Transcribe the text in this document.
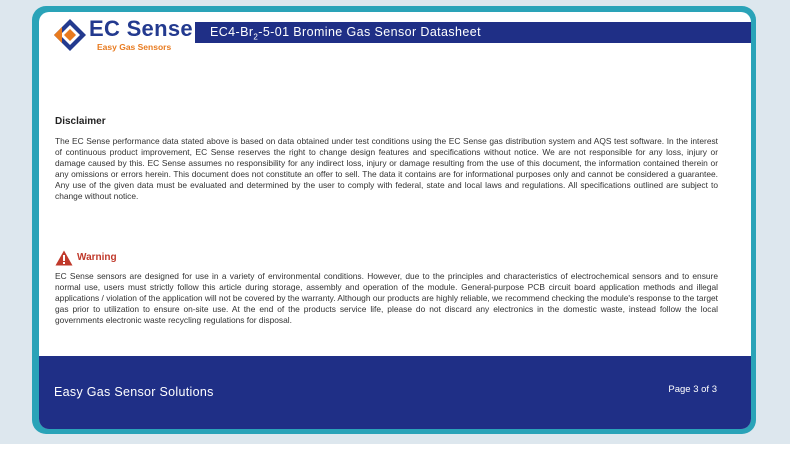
EC Sense
Easy Gas Sensors
$EC4-Br_2-5-01$ Bromine Gas Sensor Datasheet
Disclaimer
The EC Sense performance data stated above is based on data obtained under test conditions using the EC Sense gas distribution system and AQS test software. In the interest of continuous product improvement, EC Sense reserves the right to change design features and specifications without notice. We are not responsible for any loss, injury or damage caused by this. EC Sense assumes no responsibility for any indirect loss, injury or damage resulting from the use of this document, the information contained therein or any omissions or errors herein. This document does not constitute an offer to sell. The data it contains are for informational purposes only and cannot be considered a guarantee. Any use of the given data must be evaluated and determined by the user to comply with federal, state and local laws and regulations. All specifications outlined are subject to change without notice.
Warning
EC Sense sensors are designed for use in a variety of environmental conditions. However, due to the principles and characteristics of electrochemical sensors and to ensure normal use, users must strictly follow this article during storage, assembly and operation of the module. General-purpose PCB circuit board application methods and illegal applications / violation of the application will not be covered by the warranty. Although our products are highly reliable, we recommend checking the module's response to the target gas prior to utilization to ensure on-site use. At the end of the products service life, please do not discard any electronics in the domestic waste, instead follow the local governments electronic waste recycling regulations for disposal.
Easy Gas Sensor Solutions	Page 3 of 3
